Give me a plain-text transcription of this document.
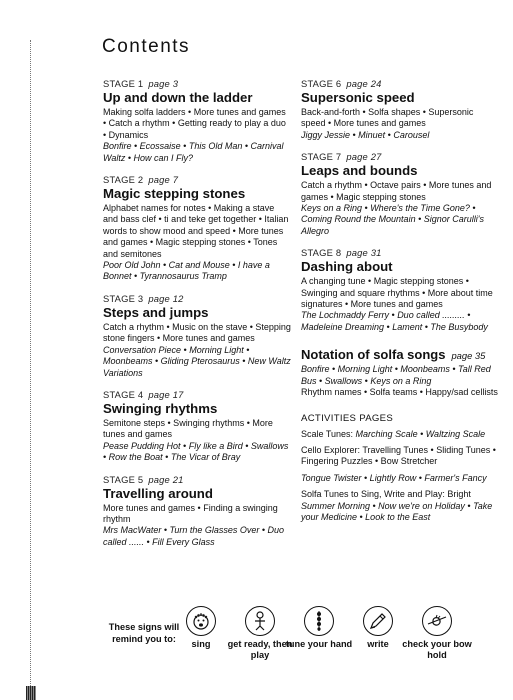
Contents
STAGE 1 page 3
Up and down the ladder
Making solfa ladders • More tunes and games • Catch a rhythm • Getting ready to play a duo • Dynamics
Bonfire • Ecossaise • This Old Man • Carnival Waltz • How can I Fly?
STAGE 2 page 7
Magic stepping stones
Alphabet names for notes • Making a stave and bass clef • ti and teke get together • Italian words to show mood and speed • More tunes and games • Magic stepping stones • Tones and semitones
Poor Old John • Cat and Mouse • I have a Bonnet • Tyrannosaurus Tramp
STAGE 3 page 12
Steps and jumps
Catch a rhythm • Music on the stave • Stepping stone fingers • More tunes and games
Conversation Piece • Morning Light • Moonbeams • Gliding Pterosaurus • New Waltz Variations
STAGE 4 page 17
Swinging rhythms
Semitone steps • Swinging rhythms • More tunes and games
Pease Pudding Hot • Fly like a Bird • Swallows • Row the Boat • The Vicar of Bray
STAGE 5 page 21
Travelling around
More tunes and games • Finding a swinging rhythm
Mrs MacWater • Turn the Glasses Over • Duo called ...... • Fill Every Glass
STAGE 6 page 24
Supersonic speed
Back-and-forth • Solfa shapes • Supersonic speed • More tunes and games
Jiggy Jessie • Minuet • Carousel
STAGE 7 page 27
Leaps and bounds
Catch a rhythm • Octave pairs • More tunes and games • Magic stepping stones
Keys on a Ring • Where's the Time Gone? • Coming Round the Mountain • Signor Carulli's Allegro
STAGE 8 page 31
Dashing about
A changing tune • Magic stepping stones • Swinging and square rhythms • More about time signatures • More tunes and games
The Lochmaddy Ferry • Duo called ......... • Madeleine Dreaming • Lament • The Busybody
Notation of solfa songs page 35
Bonfire • Morning Light • Moonbeams • Tall Red Bus • Swallows • Keys on a Ring
Rhythm names • Solfa teams • Happy/sad cellists
ACTIVITIES PAGES
Scale Tunes: Marching Scale • Waltzing Scale
Cello Explorer: Travelling Tunes • Sliding Tunes • Fingering Puzzles • Bow Stretcher
Tongue Twister • Lightly Row • Farmer's Fancy
Solfa Tunes to Sing, Write and Play: Bright Summer Morning • Now we're on Holiday • Take your Medicine • Look to the East
These signs will remind you to:
sing	get ready, then play
tune your hand	write	check your bow hold
